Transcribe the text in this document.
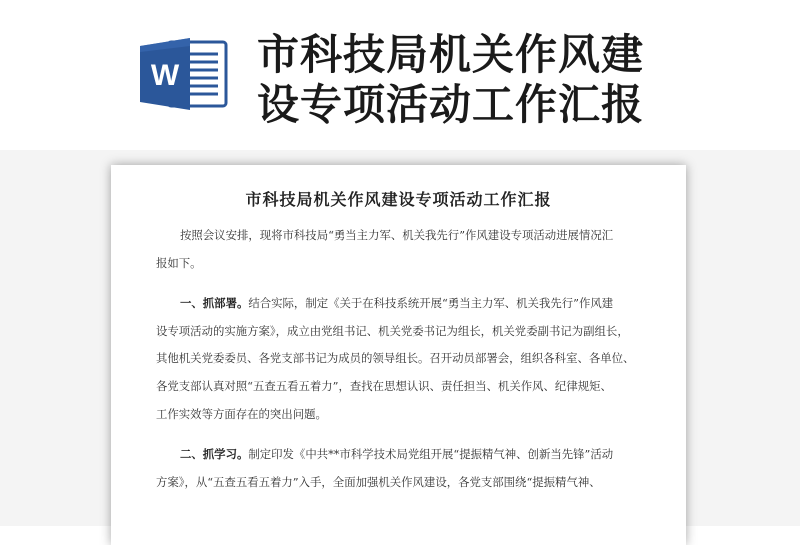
W 市科技局机关作风建
设专项活动工作汇报
市科技局机关作风建设专项活动工作汇报
按照会议安排，现将市科技局“勇当主力军、机关我先行”作风建设专项活动进展情况汇
报如下。
一、抓部署。结合实际，制定《关于在科技系统开展“勇当主力军、机关我先行”作风建
设专项活动的实施方案》，成立由党组书记、机关党委书记为组长，机关党委副书记为副组长，
其他机关党委委员、各党支部书记为成员的领导组长。召开动员部署会，组织各科室、各单位、
各党支部认真对照“五查五看五着力”，查找在思想认识、责任担当、机关作风、纪律规矩、
工作实效等方面存在的突出问题。
二、抓学习。制定印发《中共**市科学技术局党组开展“提振精气神、创新当先锋”活动
方案》，从“五查五看五着力”入手，全面加强机关作风建设，各党支部围绕“提振精气神、
